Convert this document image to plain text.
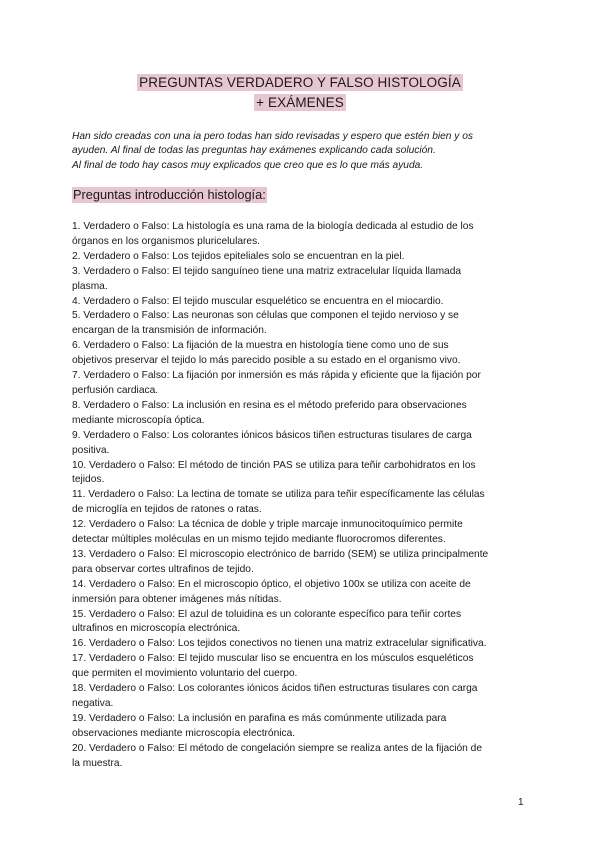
PREGUNTAS VERDADERO Y FALSO HISTOLOGÍA
+ EXÁMENES
Han sido creadas con una ia pero todas han sido revisadas y espero que estén bien y os
ayuden. Al final de todas las preguntas hay exámenes explicando cada solución.
Al final de todo hay casos muy explicados que creo que es lo que más ayuda.
Preguntas introducción histología:
1. Verdadero o Falso: La histología es una rama de la biología dedicada al estudio de los
órganos en los organismos pluricelulares.
2. Verdadero o Falso: Los tejidos epiteliales solo se encuentran en la piel.
3. Verdadero o Falso: El tejido sanguíneo tiene una matriz extracelular líquida llamada
plasma.
4. Verdadero o Falso: El tejido muscular esquelético se encuentra en el miocardio.
5. Verdadero o Falso: Las neuronas son células que componen el tejido nervioso y se
encargan de la transmisión de información.
6. Verdadero o Falso: La fijación de la muestra en histología tiene como uno de sus
objetivos preservar el tejido lo más parecido posible a su estado en el organismo vivo.
7. Verdadero o Falso: La fijación por inmersión es más rápida y eficiente que la fijación por
perfusión cardiaca.
8. Verdadero o Falso: La inclusión en resina es el método preferido para observaciones
mediante microscopía óptica.
9. Verdadero o Falso: Los colorantes iónicos básicos tiñen estructuras tisulares de carga
positiva.
10. Verdadero o Falso: El método de tinción PAS se utiliza para teñir carbohidratos en los
tejidos.
11. Verdadero o Falso: La lectina de tomate se utiliza para teñir específicamente las células
de microglía en tejidos de ratones o ratas.
12. Verdadero o Falso: La técnica de doble y triple marcaje inmunocitoquímico permite
detectar múltiples moléculas en un mismo tejido mediante fluorocromos diferentes.
13. Verdadero o Falso: El microscopio electrónico de barrido (SEM) se utiliza principalmente
para observar cortes ultrafinos de tejido.
14. Verdadero o Falso: En el microscopio óptico, el objetivo 100x se utiliza con aceite de
inmersión para obtener imágenes más nítidas.
15. Verdadero o Falso: El azul de toluidina es un colorante específico para teñir cortes
ultrafinos en microscopía electrónica.
16. Verdadero o Falso: Los tejidos conectivos no tienen una matriz extracelular significativa.
17. Verdadero o Falso: El tejido muscular liso se encuentra en los músculos esqueléticos
que permiten el movimiento voluntario del cuerpo.
18. Verdadero o Falso: Los colorantes iónicos ácidos tiñen estructuras tisulares con carga
negativa.
19. Verdadero o Falso: La inclusión en parafina es más comúnmente utilizada para
observaciones mediante microscopía electrónica.
20. Verdadero o Falso: El método de congelación siempre se realiza antes de la fijación de
la muestra.
1
